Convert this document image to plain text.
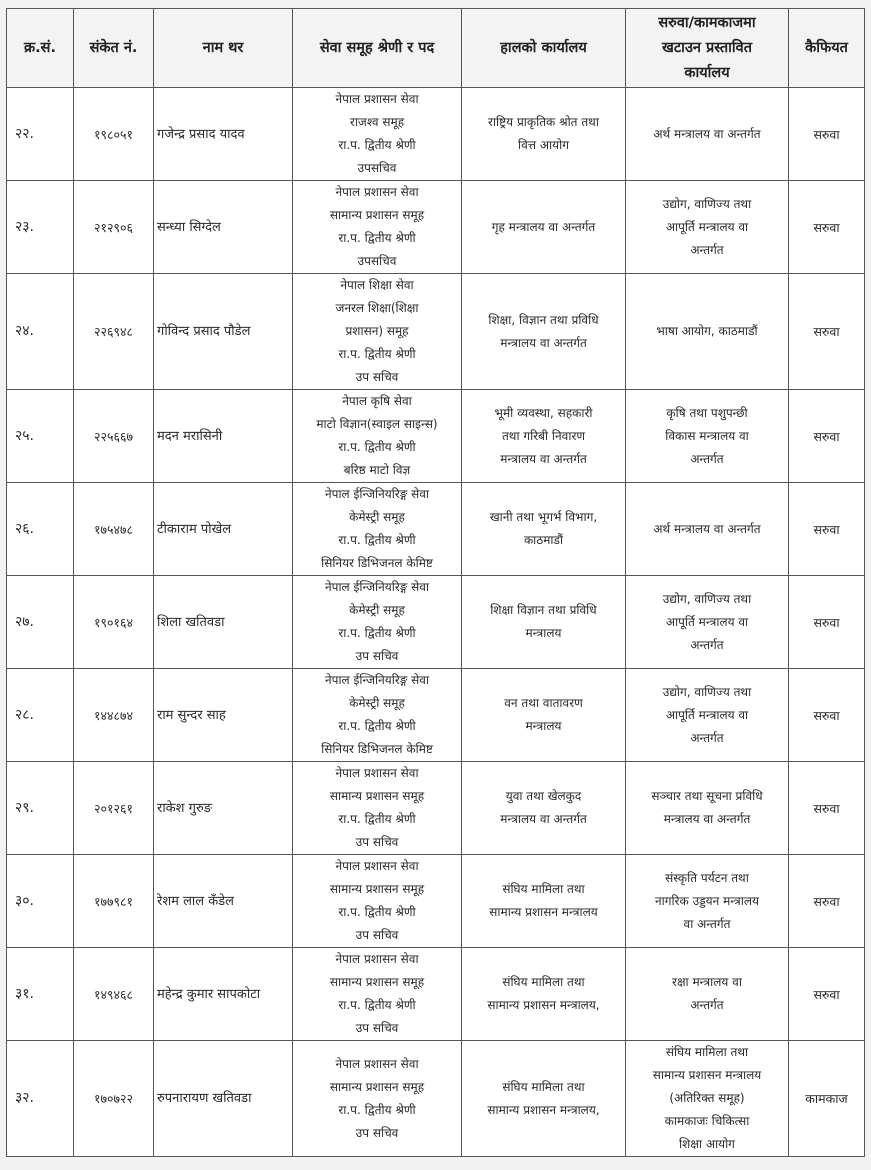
क्र.सं.	संकेत नं.	नाम थर	सेवा समूह श्रेणी र पद	हालको कार्यालय	सरुवा/कामकाजमा
खटाउन प्रस्तावित
कार्यालय	कैफियत
२२.	१९८०५१	गजेन्द्र प्रसाद यादव	नेपाल प्रशासन सेवा
राजश्व समूह
रा.प. द्वितीय श्रेणी
उपसचिव	राष्ट्रिय प्राकृतिक श्रोत तथा
वित्त आयोग	अर्थ मन्त्रालय वा अन्तर्गत	सरुवा
२३.	२१२९०६	सन्ध्या सिग्देल	नेपाल प्रशासन सेवा
सामान्य प्रशासन समूह
रा.प. द्वितीय श्रेणी
उपसचिव	गृह मन्त्रालय वा अन्तर्गत	उद्योग, वाणिज्य तथा
आपूर्ति मन्त्रालय वा
अन्तर्गत	सरुवा
२४.	२२६९४८	गोविन्द प्रसाद पौडेल	नेपाल शिक्षा सेवा
जनरल शिक्षा(शिक्षा
प्रशासन) समूह
रा.प. द्वितीय श्रेणी
उप सचिव	शिक्षा, विज्ञान तथा प्रविधि
मन्त्रालय वा अन्तर्गत	भाषा आयोग, काठमाडौं	सरुवा
२५.	२२५६६७	मदन मरासिनी	नेपाल कृषि सेवा
माटो विज्ञान(स्वाइल साइन्स)
रा.प. द्वितीय श्रेणी
बरिष्ठ माटो विज्ञ	भूमी व्यवस्था, सहकारी
तथा गरिबी निवारण
मन्त्रालय वा अन्तर्गत	कृषि तथा पशुपन्छी
विकास मन्त्रालय वा
अन्तर्गत	सरुवा
२६.	१७५४७८	टीकाराम पोखेल	नेपाल ईन्जिनियरिङ्ग सेवा
केमेस्ट्री समूह
रा.प. द्वितीय श्रेणी
सिनियर डिभिजनल केमिष्ट	खानी तथा भूगर्भ विभाग,
काठमाडौं	अर्थ मन्त्रालय वा अन्तर्गत	सरुवा
२७.	१९०१६४	शिला खतिवडा	नेपाल ईन्जिनियरिङ्ग सेवा
केमेस्ट्री समूह
रा.प. द्वितीय श्रेणी
उप सचिव	शिक्षा विज्ञान तथा प्रविधि
मन्त्रालय	उद्योग, वाणिज्य तथा
आपूर्ति मन्त्रालय वा
अन्तर्गत	सरुवा
२८.	१४४८७४	राम सुन्दर साह	नेपाल ईन्जिनियरिङ्ग सेवा
केमेस्ट्री समूह
रा.प. द्वितीय श्रेणी
सिनियर डिभिजनल केमिष्ट	वन तथा वातावरण
मन्त्रालय	उद्योग, वाणिज्य तथा
आपूर्ति मन्त्रालय वा
अन्तर्गत	सरुवा
२९.	२०१२६१	राकेश गुरुङ	नेपाल प्रशासन सेवा
सामान्य प्रशासन समूह
रा.प. द्वितीय श्रेणी
उप सचिव	युवा तथा खेलकुद
मन्त्रालय वा अन्तर्गत	सञ्चार तथा सूचना प्रविधि
मन्त्रालय वा अन्तर्गत	सरुवा
३०.	१७७९८१	रेशम लाल कँडेल	नेपाल प्रशासन सेवा
सामान्य प्रशासन समूह
रा.प. द्वितीय श्रेणी
उप सचिव	संघिय मामिला तथा
सामान्य प्रशासन मन्त्रालय	संस्कृति पर्यटन तथा
नागरिक उड्डयन मन्त्रालय
वा अन्तर्गत	सरुवा
३१.	१४९४६८	महेन्द्र कुमार सापकोटा	नेपाल प्रशासन सेवा
सामान्य प्रशासन समूह
रा.प. द्वितीय श्रेणी
उप सचिव	संघिय मामिला तथा
सामान्य प्रशासन मन्त्रालय,	रक्षा मन्त्रालय वा
अन्तर्गत	सरुवा
३२.	१७०७२२	रुपनारायण खतिवडा	नेपाल प्रशासन सेवा
सामान्य प्रशासन समूह
रा.प. द्वितीय श्रेणी
उप सचिव	संघिय मामिला तथा
सामान्य प्रशासन मन्त्रालय,	संघिय मामिला तथा
सामान्य प्रशासन मन्त्रालय
(अतिरिक्त समूह)
कामकाजः चिकित्सा
शिक्षा आयोग	कामकाज
